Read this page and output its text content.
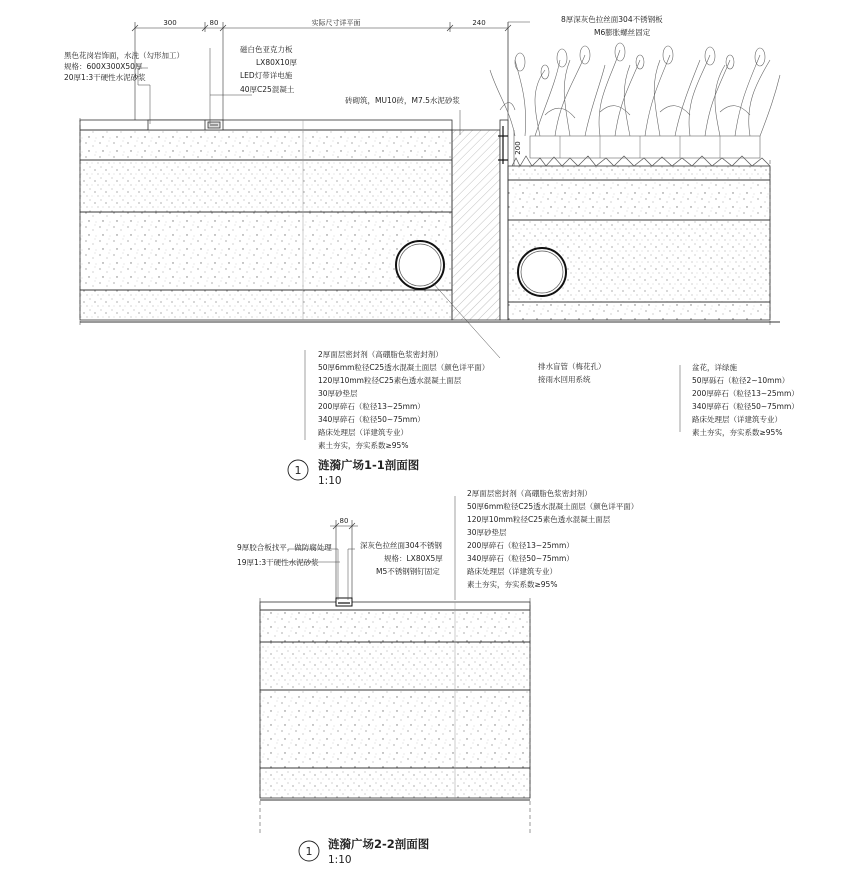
300	80	实际尺寸详平面	240
200
黑色花岗岩饰面，水洗（勾形加工）
规格：600X300X50厚
20厚1:3干硬性水泥砂浆
磁白色亚克力板
LX80X10厚
LED灯带详电施
40厚C25混凝土
砖砌筑，MU10砖，M7.5水泥砂浆
8厚深灰色拉丝面304不锈钢板
M6膨胀螺丝固定
2厚面层密封剂（高硼脂色浆密封剂）
50厚6mm粒径C25透水混凝土面层（颜色详平面）
120厚10mm粒径C25素色透水混凝土面层
30厚砂垫层
200厚碎石（粒径13~25mm）
340厚碎石（粒径50~75mm）
路床处理层（详建筑专业）
素土夯实，夯实系数≥95%
排水盲管（梅花孔）
接雨水回用系统
盆花，详绿施
50厚砾石（粒径2~10mm）
200厚碎石（粒径13~25mm）
340厚碎石（粒径50~75mm）
路床处理层（详建筑专业）
素土夯实，夯实系数≥95%
1 涟漪广场1-1剖面图
1:10
80
9厚胶合板找平，做防腐处理
19厚1:3干硬性水泥砂浆
深灰色拉丝面304不锈钢
规格：LX80X5厚
M5不锈钢钢钉固定
2厚面层密封剂（高硼脂色浆密封剂）
50厚6mm粒径C25透水混凝土面层（颜色详平面）
120厚10mm粒径C25素色透水混凝土面层
30厚砂垫层
200厚碎石（粒径13~25mm）
340厚碎石（粒径50~75mm）
路床处理层（详建筑专业）
素土夯实，夯实系数≥95%
1
涟漪广场2-2剖面图
1:10
